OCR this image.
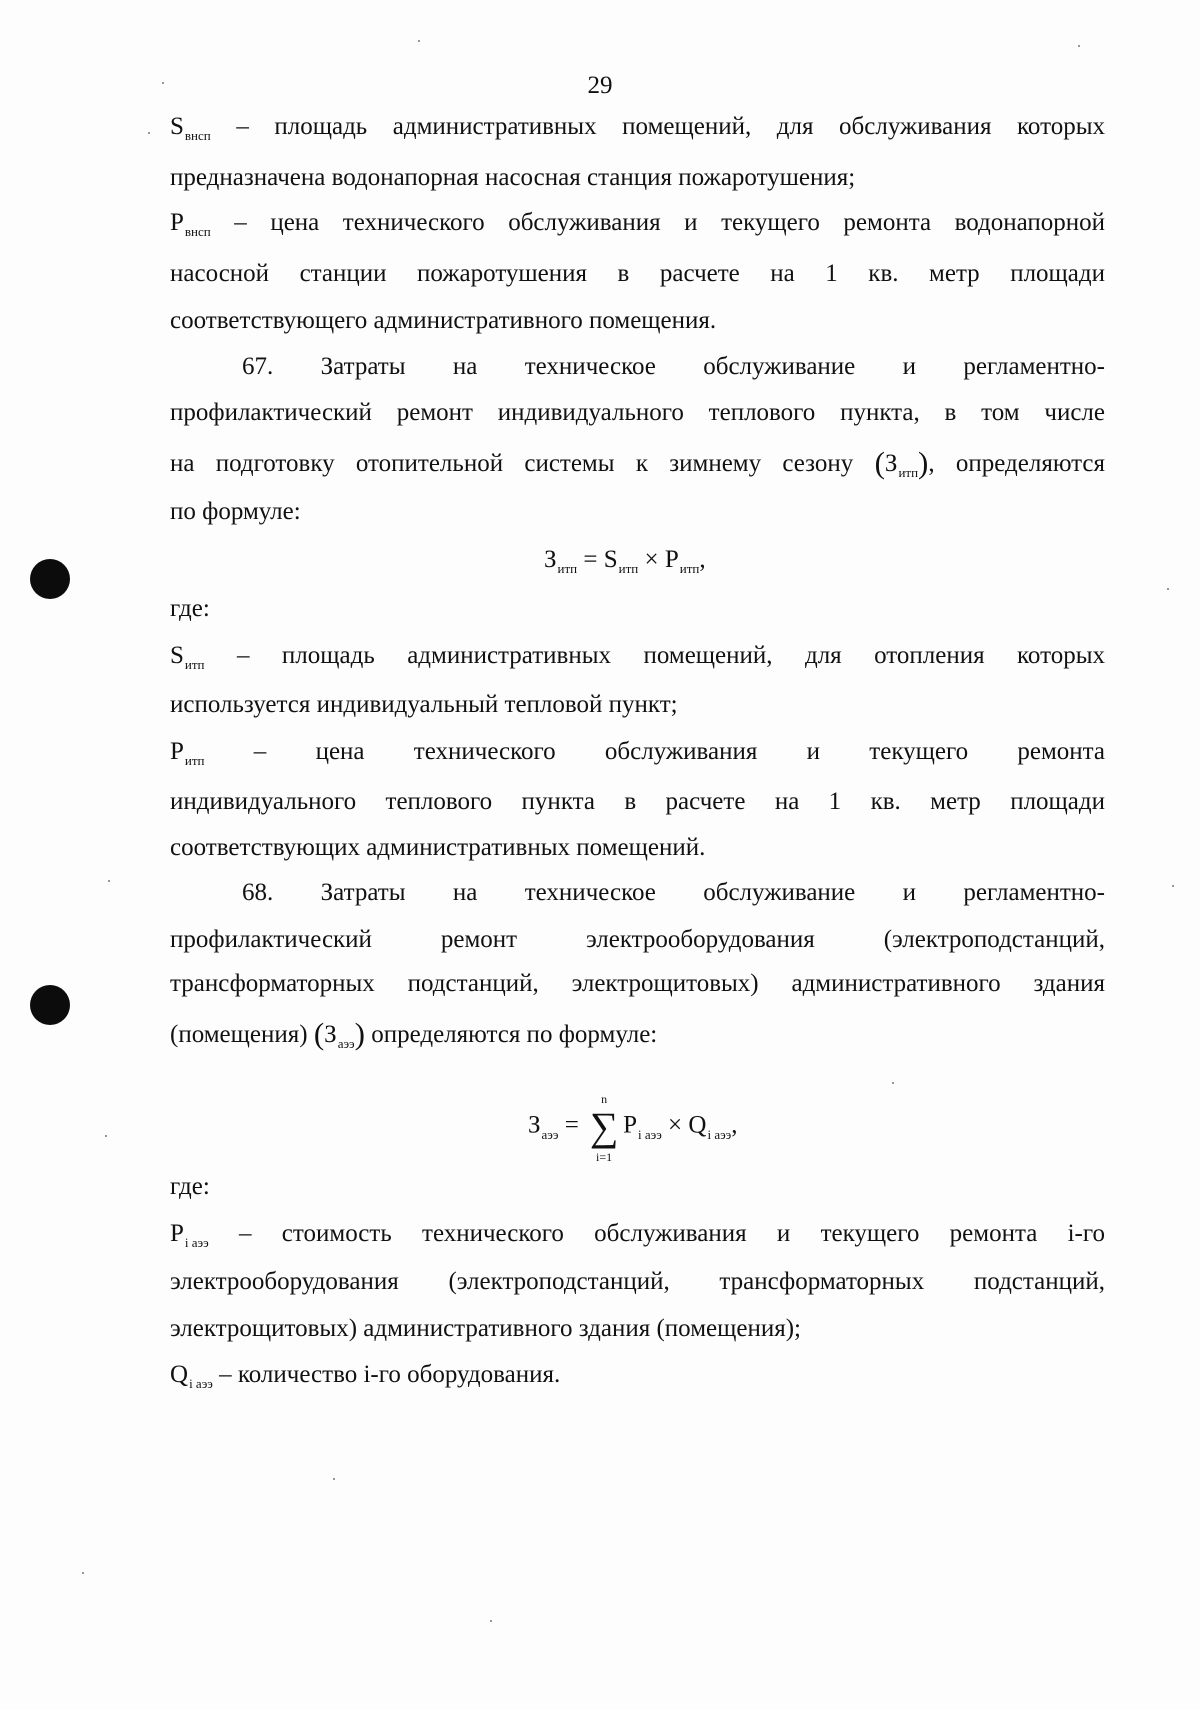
29
$S_{внсп}$ – площадь административных помещений, для обслуживания которых
предназначена водонапорная насосная станция пожаротушения;
$P_{внсп}$ – цена технического обслуживания и текущего ремонта водонапорной
насосной станции пожаротушения в расчете на 1 кв. метр площади
соответствующего административного помещения.
67. Затраты на техническое обслуживание и регламентно-
профилактический ремонт индивидуального теплового пункта, в том числе
на подготовку отопительной системы к зимнему сезону $(З_{итп})$, определяются
по формуле:
$З_{итп} = S_{итп} \times P_{итп}$,
где:
$S_{итп}$ – площадь административных помещений, для отопления которых
используется индивидуальный тепловой пункт;
$P_{итп}$ – цена технического обслуживания и текущего ремонта
индивидуального теплового пункта в расчете на 1 кв. метр площади
соответствующих административных помещений.
68. Затраты на техническое обслуживание и регламентно-
профилактический ремонт электрооборудования (электроподстанций,
трансформаторных подстанций, электрощитовых) административного здания
(помещения) $(З_{аээ})$ определяются по формуле:
$З_{аээ}$ =
n
∑
i=1
$P_{i аээ} \times Q_{i аээ}$,
где:
$P_{i аээ}$ – стоимость технического обслуживания и текущего ремонта i-го
электрооборудования (электроподстанций, трансформаторных подстанций,
электрощитовых) административного здания (помещения);
$Q_{i аээ}$ – количество i-го оборудования.
